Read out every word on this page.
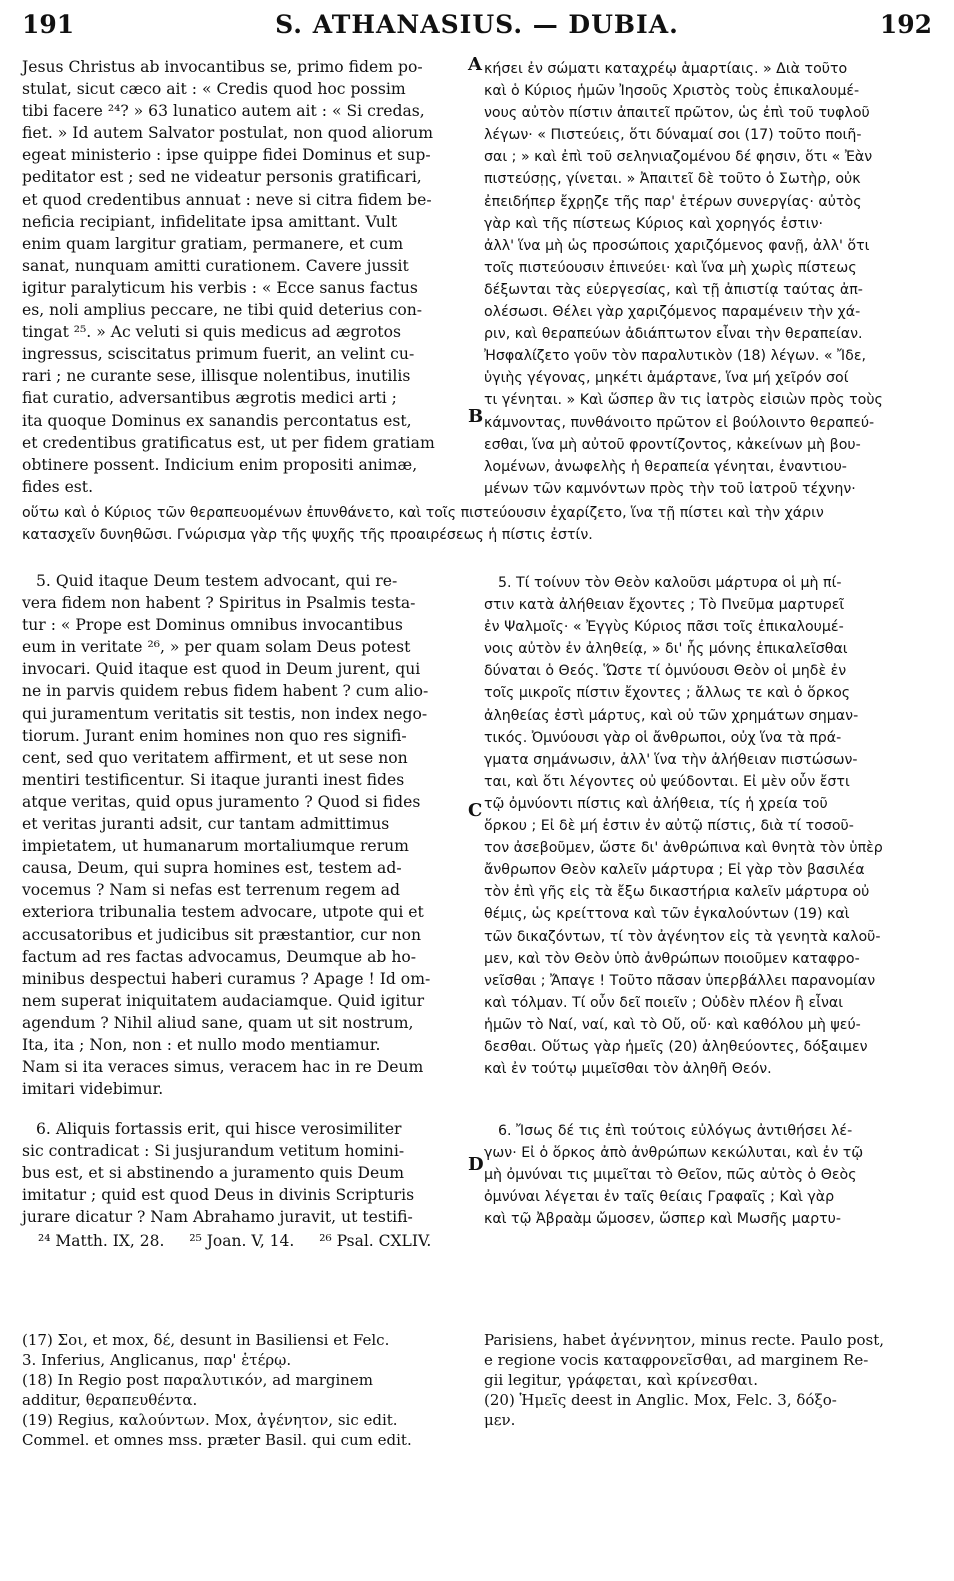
191	S. ATHANASIUS. — DUBIA.	192
A
B
C
D

Jesus Christus ab invocantibus se, primo fidem po-

stulat, sicut cæco ait : « Credis quod hoc possim

tibi facere ²⁴? » 63 lunatico autem ait : « Si credas,

fiet. » Id autem Salvator postulat, non quod aliorum

egeat ministerio : ipse quippe fidei Dominus et sup-

peditator est ; sed ne videatur personis gratificari,

et quod credentibus annuat : neve si citra fidem be-

neficia recipiant, infidelitate ipsa amittant. Vult

enim quam largitur gratiam, permanere, et cum

sanat, nunquam amitti curationem. Cavere jussit

igitur paralyticum his verbis : « Ecce sanus factus

es, noli amplius peccare, ne tibi quid deterius con-

tingat ²⁵. » Ac veluti si quis medicus ad ægrotos

ingressus, sciscitatus primum fuerit, an velint cu-

rari ; ne curante sese, illisque nolentibus, inutilis

fiat curatio, adversantibus ægrotis medici arti ;

ita quoque Dominus ex sanandis percontatus est,

et credentibus gratificatus est, ut per fidem gratiam

obtinere possent. Indicium enim propositi animæ,

fides est.

κήσει ἐν σώματι καταχρέῳ ἁμαρτίαις. » Διὰ τοῦτο

καὶ ὁ Κύριος ἡμῶν Ἰησοῦς Χριστὸς τοὺς ἐπικαλουμέ-

νους αὐτὸν πίστιν ἀπαιτεῖ πρῶτον, ὡς ἐπὶ τοῦ τυφλοῦ

λέγων· « Πιστεύεις, ὅτι δύναμαί σοι (17) τοῦτο ποιῆ-

σαι ; » καὶ ἐπὶ τοῦ σεληνιαζομένου δέ φησιν, ὅτι « Ἐὰν

πιστεύσῃς, γίνεται. » Ἀπαιτεῖ δὲ τοῦτο ὁ Σωτὴρ, οὐκ

ἐπειδήπερ ἔχρῃζε τῆς παρ' ἑτέρων συνεργίας· αὐτὸς

γὰρ καὶ τῆς πίστεως Κύριος καὶ χορηγός ἐστιν·

ἀλλ' ἵνα μὴ ὡς προσώποις χαριζόμενος φανῇ, ἀλλ' ὅτι

τοῖς πιστεύουσιν ἐπινεύει· καὶ ἵνα μὴ χωρὶς πίστεως

δέξωνται τὰς εὐεργεσίας, καὶ τῇ ἀπιστίᾳ ταύτας ἀπ-

ολέσωσι. Θέλει γὰρ χαριζόμενος παραμένειν τὴν χά-

ριν, καὶ θεραπεύων ἀδιάπτωτον εἶναι τὴν θεραπείαν.

Ἠσφαλίζετο γοῦν τὸν παραλυτικὸν (18) λέγων. « Ἴδε,

ὑγιὴς γέγονας, μηκέτι ἁμάρτανε, ἵνα μή χεῖρόν σοί

τι γένηται. » Καὶ ὥσπερ ἂν τις ἰατρὸς εἰσιὼν πρὸς τοὺς

κάμνοντας, πυνθάνοιτο πρῶτον εἰ βούλοιντο θεραπεύ-

εσθαι, ἵνα μὴ αὐτοῦ φροντίζοντος, κἀκείνων μὴ βου-

λομένων, ἀνωφελὴς ἡ θεραπεία γένηται, ἐναντιου-

μένων τῶν καμνόντων πρὸς τὴν τοῦ ἰατροῦ τέχνην·

οὕτω καὶ ὁ Κύριος τῶν θεραπευομένων ἐπυνθάνετο, καὶ τοῖς πιστεύουσιν ἐχαρίζετο, ἵνα τῇ πίστει καὶ τὴν χάριν

κατασχεῖν δυνηθῶσι. Γνώρισμα γὰρ τῆς ψυχῆς τῆς προαιρέσεως ἡ πίστις ἐστίν.

5. Quid itaque Deum testem advocant, qui re-

vera fidem non habent ? Spiritus in Psalmis testa-

tur : « Prope est Dominus omnibus invocantibus

eum in veritate ²⁶, » per quam solam Deus potest

invocari. Quid itaque est quod in Deum jurent, qui

ne in parvis quidem rebus fidem habent ? cum alio-

qui juramentum veritatis sit testis, non index nego-

tiorum. Jurant enim homines non quo res signifi-

cent, sed quo veritatem affirment, et ut sese non

mentiri testificentur. Si itaque juranti inest fides

atque veritas, quid opus juramento ? Quod si fides

et veritas juranti adsit, cur tantam admittimus

impietatem, ut humanarum mortaliumque rerum

causa, Deum, qui supra homines est, testem ad-

vocemus ? Nam si nefas est terrenum regem ad

exteriora tribunalia testem advocare, utpote qui et

accusatoribus et judicibus sit præstantior, cur non

factum ad res factas advocamus, Deumque ab ho-

minibus despectui haberi curamus ? Apage ! Id om-

nem superat iniquitatem audaciamque. Quid igitur

agendum ? Nihil aliud sane, quam ut sit nostrum,

Ita, ita ; Non, non : et nullo modo mentiamur.

Nam si ita veraces simus, veracem hac in re Deum

imitari videbimur.

5. Τί τοίνυν τὸν Θεὸν καλοῦσι μάρτυρα οἱ μὴ πί-

στιν κατὰ ἀλήθειαν ἔχοντες ; Τὸ Πνεῦμα μαρτυρεῖ

ἐν Ψαλμοῖς· « Ἐγγὺς Κύριος πᾶσι τοῖς ἐπικαλουμέ-

νοις αὐτὸν ἐν ἀληθείᾳ, » δι' ἧς μόνης ἐπικαλεῖσθαι

δύναται ὁ Θεός. Ὥστε τί ὀμνύουσι Θεὸν οἱ μηδὲ ἐν

τοῖς μικροῖς πίστιν ἔχοντες ; ἄλλως τε καὶ ὁ ὅρκος

ἀληθείας ἐστὶ μάρτυς, καὶ οὐ τῶν χρημάτων σημαν-

τικός. Ὀμνύουσι γὰρ οἱ ἄνθρωποι, οὐχ ἵνα τὰ πρά-

γματα σημάνωσιν, ἀλλ' ἵνα τὴν ἀλήθειαν πιστώσων-

ται, καὶ ὅτι λέγοντες οὐ ψεύδονται. Εἰ μὲν οὖν ἔστι

τῷ ὀμνύοντι πίστις καὶ ἀλήθεια, τίς ἡ χρεία τοῦ

ὅρκου ; Εἰ δὲ μή ἐστιν ἐν αὐτῷ πίστις, διὰ τί τοσοῦ-

τον ἀσεβοῦμεν, ὥστε δι' ἀνθρώπινα καὶ θνητὰ τὸν ὑπὲρ

ἄνθρωπον Θεὸν καλεῖν μάρτυρα ; Εἰ γὰρ τὸν βασιλέα

τὸν ἐπὶ γῆς εἰς τὰ ἔξω δικαστήρια καλεῖν μάρτυρα οὐ

θέμις, ὡς κρείττονα καὶ τῶν ἐγκαλούντων (19) καὶ

τῶν δικαζόντων, τί τὸν ἀγένητον εἰς τὰ γενητὰ καλοῦ-

μεν, καὶ τὸν Θεὸν ὑπὸ ἀνθρώπων ποιοῦμεν καταφρο-

νεῖσθαι ; Ἄπαγε ! Τοῦτο πᾶσαν ὑπερβάλλει παρανομίαν

καὶ τόλμαν. Τί οὖν δεῖ ποιεῖν ; Οὐδὲν πλέον ἢ εἶναι

ἡμῶν τὸ Ναί, ναί, καὶ τὸ Οὔ, οὔ· καὶ καθόλου μὴ ψεύ-

δεσθαι. Οὕτως γὰρ ἡμεῖς (20) ἀληθεύοντες, δόξαιμεν

καὶ ἐν τούτῳ μιμεῖσθαι τὸν ἀληθῆ Θεόν.

6. Aliquis fortassis erit, qui hisce verosimiliter

sic contradicat : Si jusjurandum vetitum homini-

bus est, et si abstinendo a juramento quis Deum

imitatur ; quid est quod Deus in divinis Scripturis

jurare dicatur ? Nam Abrahamo juravit, ut testifi-

6. Ἴσως δέ τις ἐπὶ τούτοις εὐλόγως ἀντιθήσει λέ-

γων· Εἰ ὁ ὅρκος ἀπὸ ἀνθρώπων κεκώλυται, καὶ ἐν τῷ

μὴ ὀμνύναι τις μιμεῖται τὸ Θεῖον, πῶς αὐτὸς ὁ Θεὸς

ὀμνύναι λέγεται ἐν ταῖς θείαις Γραφαῖς ; Καὶ γὰρ

καὶ τῷ Ἀβραὰμ ὤμοσεν, ὥσπερ καὶ Μωσῆς μαρτυ-

²⁴ Matth. IX, 28. ²⁵ Joan. V, 14. ²⁶ Psal. CXLIV.

(17) Σοι, et mox, δέ, desunt in Basiliensi et Felc.

3. Inferius, Anglicanus, παρ' ἑτέρῳ.

(18) In Regio post παραλυτικόν, ad marginem

additur, θεραπευθέντα.

(19) Regius, καλούντων. Mox, ἀγένητον, sic edit.

Commel. et omnes mss. præter Basil. qui cum edit.

Parisiens, habet ἀγέννητον, minus recte. Paulo post,

e regione vocis καταφρονεῖσθαι, ad marginem Re-

gii legitur, γράφεται, καὶ κρίνεσθαι.

(20) Ἡμεῖς deest in Anglic. Mox, Felc. 3, δόξο-

μεν.
